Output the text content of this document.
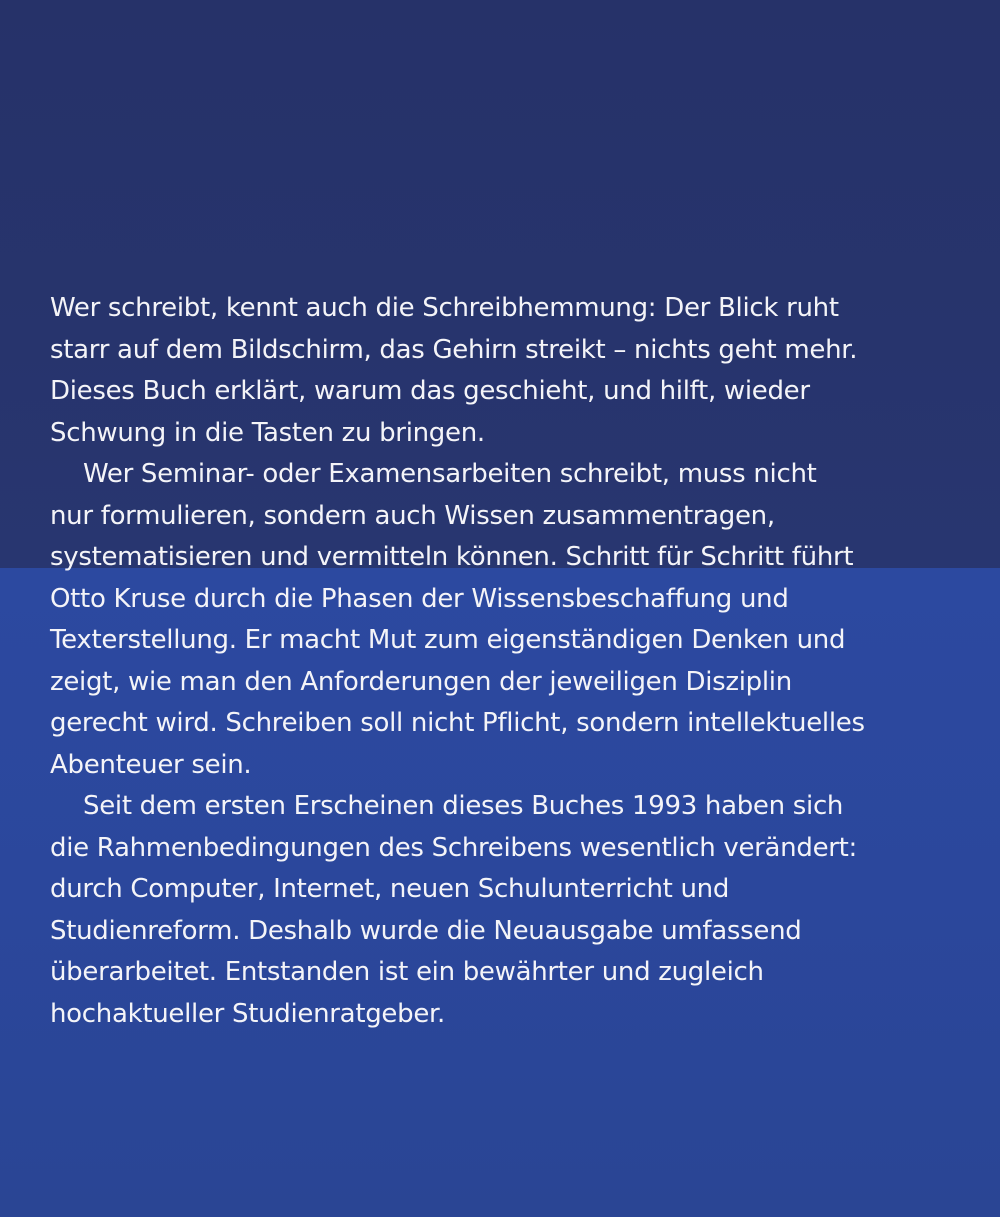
Wer schreibt, kennt auch die Schreibhemmung: Der Blick ruht
starr auf dem Bildschirm, das Gehirn streikt – nichts geht mehr.
Dieses Buch erklärt, warum das geschieht, und hilft, wieder
Schwung in die Tasten zu bringen.

Wer Seminar- oder Examensarbeiten schreibt, muss nicht
nur formulieren, sondern auch Wissen zusammentragen,
systematisieren und vermitteln können. Schritt für Schritt führt
Otto Kruse durch die Phasen der Wissensbeschaffung und
Texterstellung. Er macht Mut zum eigenständigen Denken und
zeigt, wie man den Anforderungen der jeweiligen Disziplin
gerecht wird. Schreiben soll nicht Pflicht, sondern intellektuelles
Abenteuer sein.

Seit dem ersten Erscheinen dieses Buches 1993 haben sich
die Rahmenbedingungen des Schreibens wesentlich verändert:
durch Computer, Internet, neuen Schulunterricht und
Studienreform. Deshalb wurde die Neuausgabe umfassend
überarbeitet. Entstanden ist ein bewährter und zugleich
hochaktueller Studienratgeber.
